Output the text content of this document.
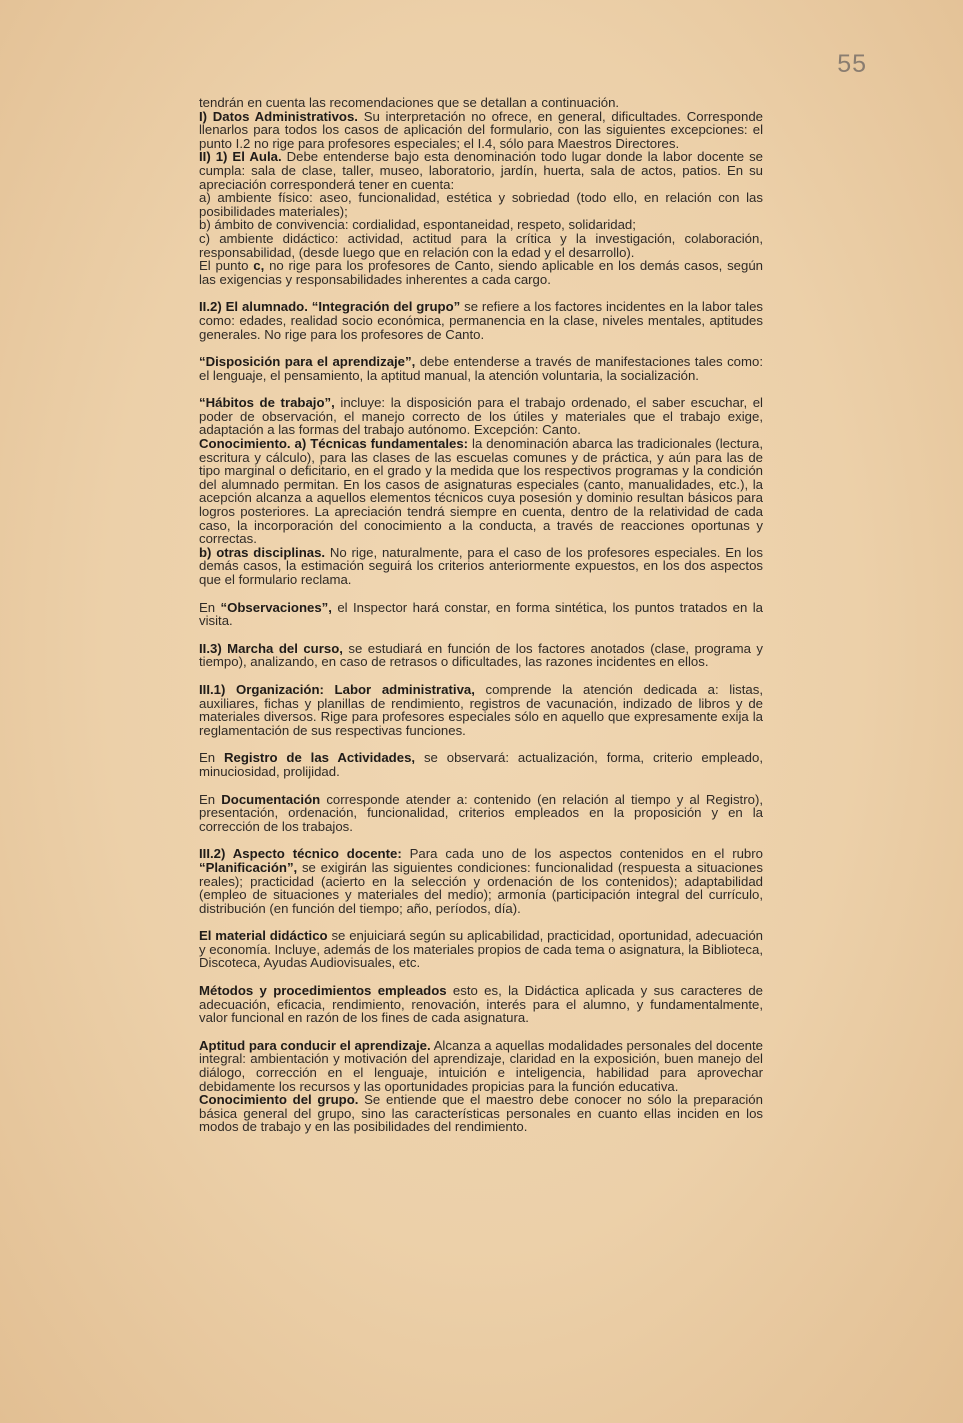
55

tendrán en cuenta las recomendaciones que se detallan a continuación.

I) Datos Administrativos. Su interpretación no ofrece, en general, dificultades. Corresponde llenarlos para todos los casos de aplicación del formulario, con las siguientes excepciones: el punto I.2 no rige para profesores especiales; el I.4, sólo para Maestros Directores.

II) 1) El Aula. Debe entenderse bajo esta denominación todo lugar donde la labor docente se cumpla: sala de clase, taller, museo, laboratorio, jardín, huerta, sala de actos, patios. En su apreciación corresponderá tener en cuenta:

a) ambiente físico: aseo, funcionalidad, estética y sobriedad (todo ello, en relación con las posibilidades materiales);

b) ámbito de convivencia: cordialidad, espontaneidad, respeto, solidaridad;

c) ambiente didáctico: actividad, actitud para la crítica y la investigación, colaboración, responsabilidad, (desde luego que en relación con la edad y el desarrollo).

El punto c, no rige para los profesores de Canto, siendo aplicable en los demás casos, según las exigencias y responsabilidades inherentes a cada cargo.

II.2) El alumnado. “Integración del grupo” se refiere a los factores incidentes en la labor tales como: edades, realidad socio económica, permanencia en la clase, niveles mentales, aptitudes generales. No rige para los profesores de Canto.

“Disposición para el aprendizaje”, debe entenderse a través de manifestaciones tales como: el lenguaje, el pensamiento, la aptitud manual, la atención voluntaria, la socialización.

“Hábitos de trabajo”, incluye: la disposición para el trabajo ordenado, el saber escuchar, el poder de observación, el manejo correcto de los útiles y materiales que el trabajo exige, adaptación a las formas del trabajo autónomo. Excepción: Canto.

Conocimiento. a) Técnicas fundamentales: la denominación abarca las tradicionales (lectura, escritura y cálculo), para las clases de las escuelas comunes y de práctica, y aún para las de tipo marginal o deficitario, en el grado y la medida que los respectivos programas y la condición del alumnado permitan. En los casos de asignaturas especiales (canto, manualidades, etc.), la acepción alcanza a aquellos elementos técnicos cuya posesión y dominio resultan básicos para logros posteriores. La apreciación tendrá siempre en cuenta, dentro de la relatividad de cada caso, la incorporación del conocimiento a la conducta, a través de reacciones oportunas y correctas.

b) otras disciplinas. No rige, naturalmente, para el caso de los profesores especiales. En los demás casos, la estimación seguirá los criterios anteriormente expuestos, en los dos aspectos que el formulario reclama.

En “Observaciones”, el Inspector hará constar, en forma sintética, los puntos tratados en la visita.

II.3) Marcha del curso, se estudiará en función de los factores anotados (clase, programa y tiempo), analizando, en caso de retrasos o dificultades, las razones incidentes en ellos.

III.1) Organización: Labor administrativa, comprende la atención dedicada a: listas, auxiliares, fichas y planillas de rendimiento, registros de vacunación, indizado de libros y de materiales diversos. Rige para profesores especiales sólo en aquello que expresamente exija la reglamentación de sus respectivas funciones.

En Registro de las Actividades, se observará: actualización, forma, criterio empleado, minuciosidad, prolijidad.

En Documentación corresponde atender a: contenido (en relación al tiempo y al Registro), presentación, ordenación, funcionalidad, criterios empleados en la proposición y en la corrección de los trabajos.

III.2) Aspecto técnico docente: Para cada uno de los aspectos contenidos en el rubro “Planificación”, se exigirán las siguientes condiciones: funcionalidad (respuesta a situaciones reales); practicidad (acierto en la selección y ordenación de los contenidos); adaptabilidad (empleo de situaciones y materiales del medio); armonía (participación integral del currículo, distribución (en función del tiempo; año, períodos, día).

El material didáctico se enjuiciará según su aplicabilidad, practicidad, oportunidad, adecuación y economía. Incluye, además de los materiales propios de cada tema o asignatura, la Biblioteca, Discoteca, Ayudas Audiovisuales, etc.

Métodos y procedimientos empleados esto es, la Didáctica aplicada y sus caracteres de adecuación, eficacia, rendimiento, renovación, interés para el alumno, y fundamentalmente, valor funcional en razón de los fines de cada asignatura.

Aptitud para conducir el aprendizaje. Alcanza a aquellas modalidades personales del docente integral: ambientación y motivación del aprendizaje, claridad en la exposición, buen manejo del diálogo, corrección en el lenguaje, intuición e inteligencia, habilidad para aprovechar debidamente los recursos y las oportunidades propicias para la función educativa.

Conocimiento del grupo. Se entiende que el maestro debe conocer no sólo la preparación básica general del grupo, sino las características personales en cuanto ellas inciden en los modos de trabajo y en las posibilidades del rendimiento.
